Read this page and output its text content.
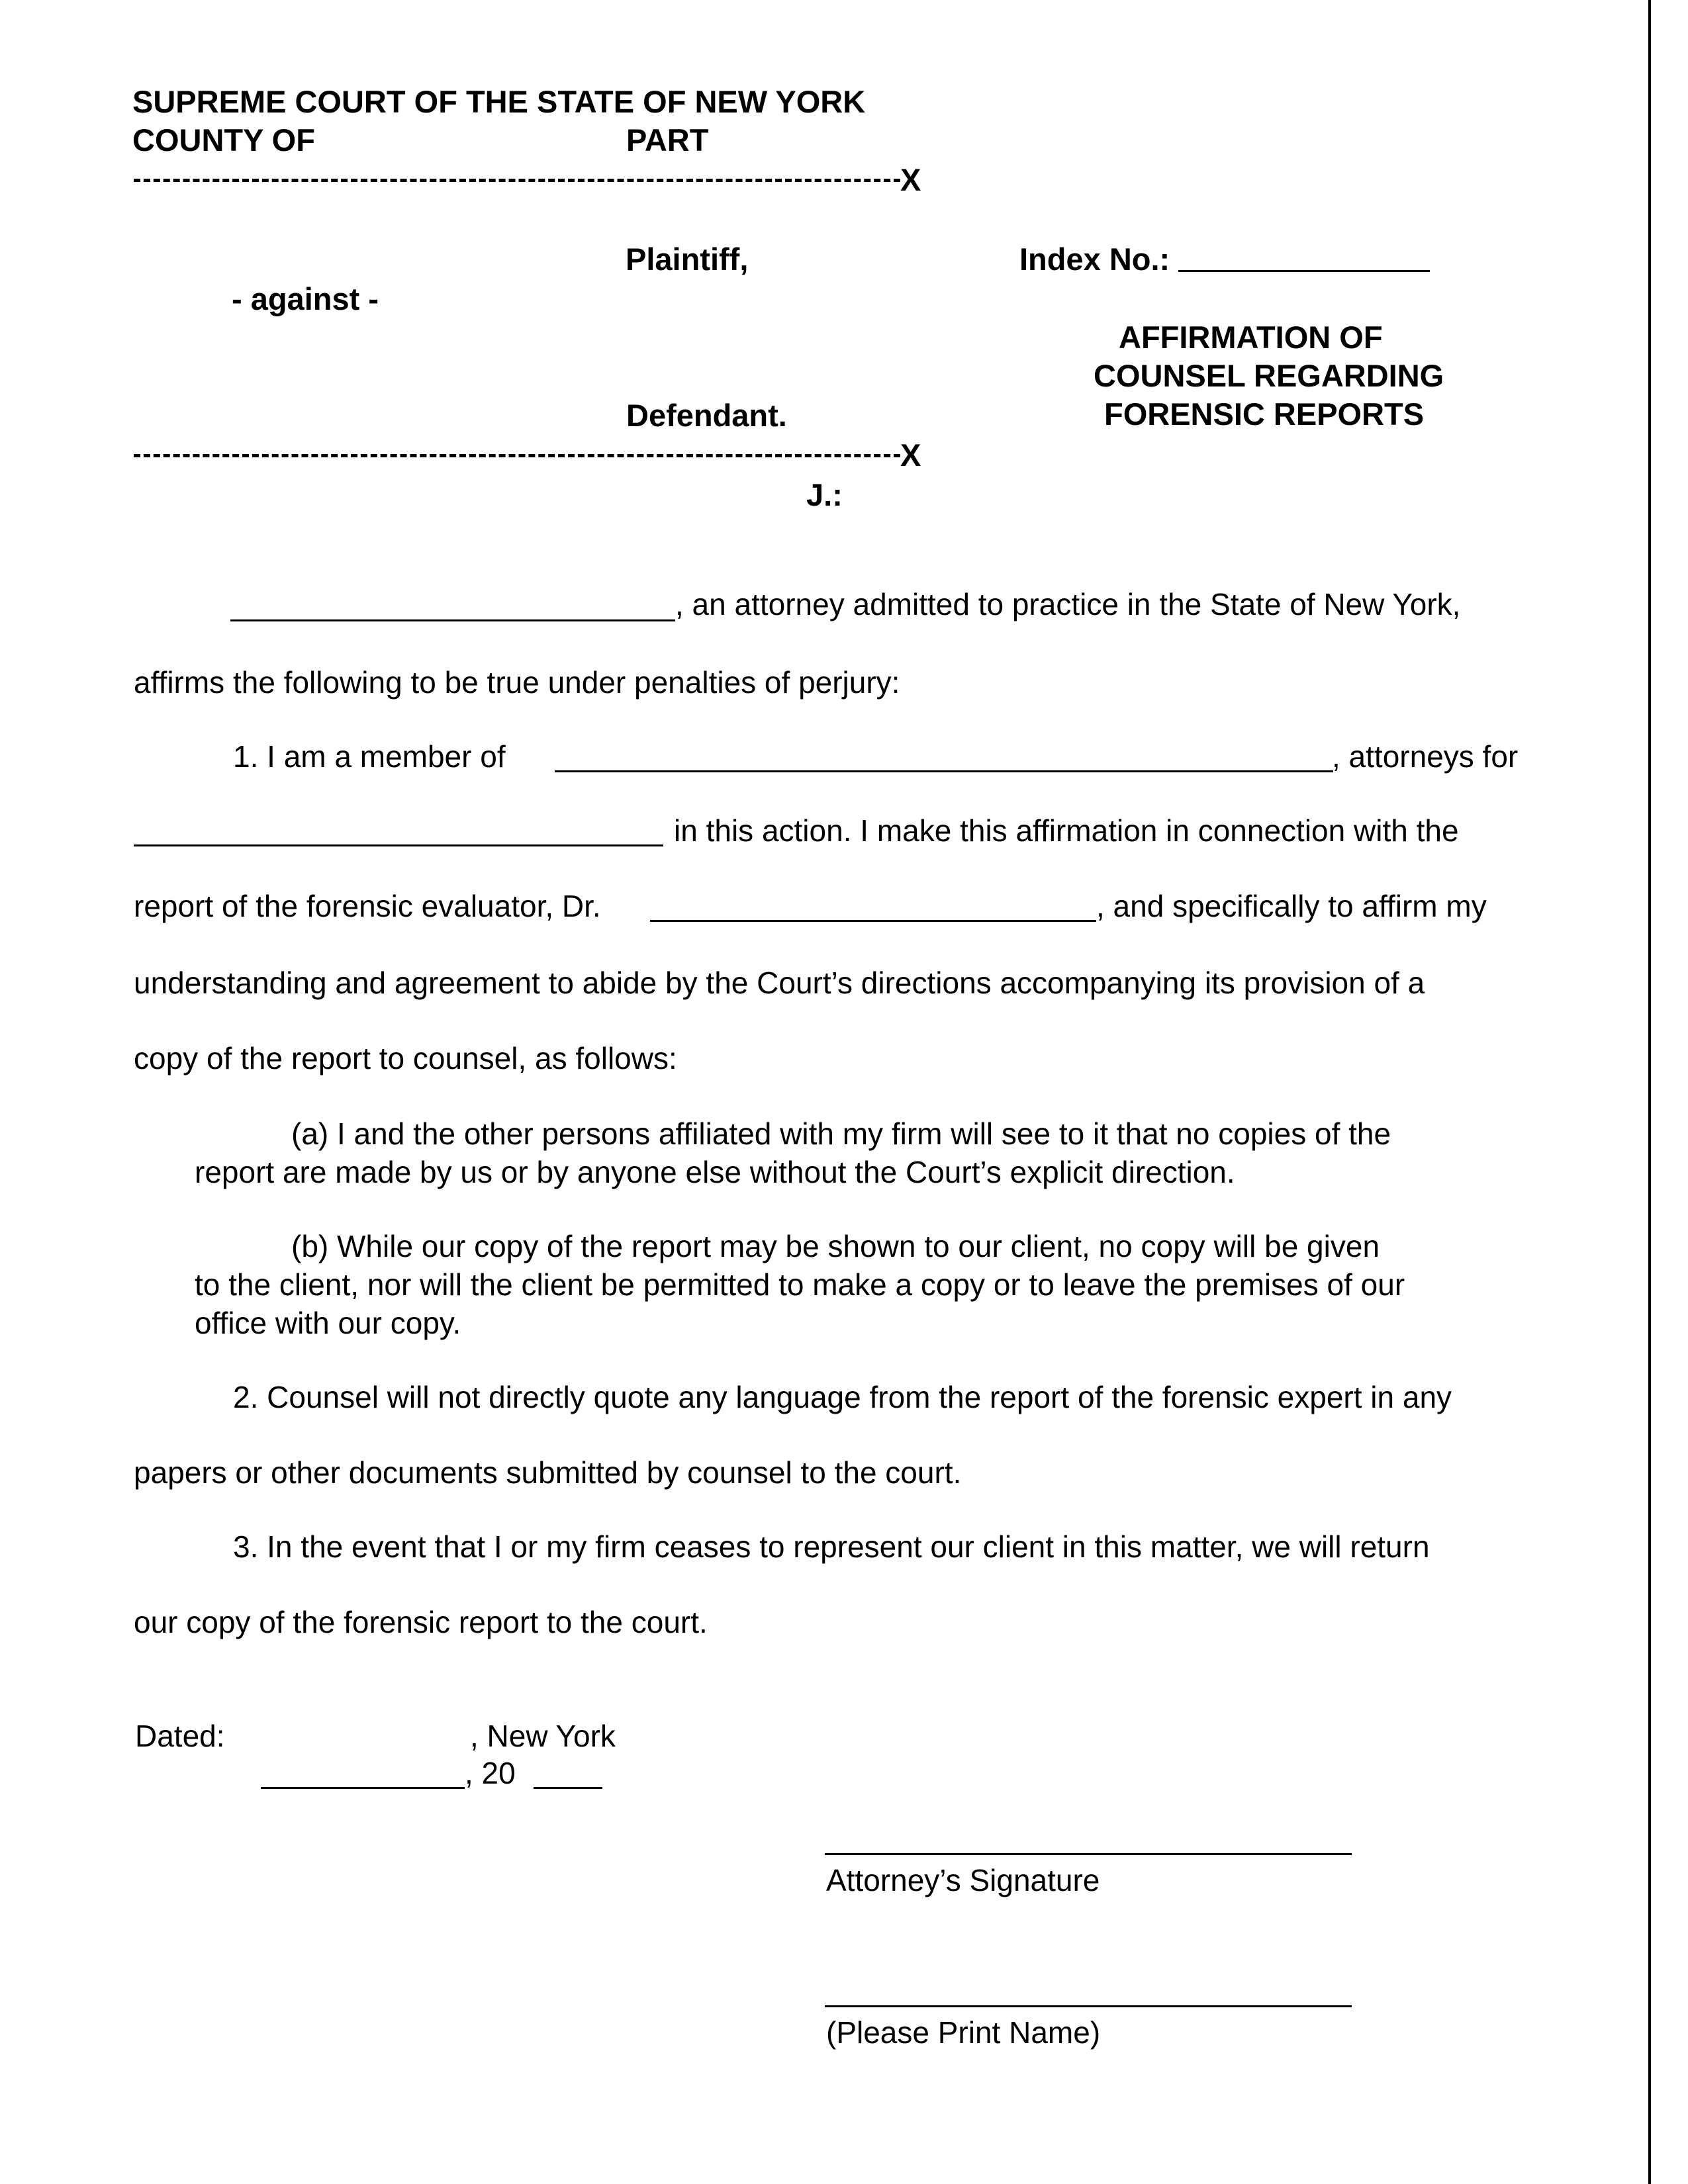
SUPREME COURT OF THE STATE OF NEW YORK
COUNTY OF	PART
X
Plaintiff,	Index No.:
- against -
AFFIRMATION OF
COUNSEL REGARDING
FORENSIC REPORTS
Defendant.
X
J.:
, an attorney admitted to practice in the State of New York,
affirms the following to be true under penalties of perjury:
1. I am a member of	, attorneys for
in this action. I make this affirmation in connection with the
report of the forensic evaluator, Dr.	, and specifically to affirm my
understanding and agreement to abide by the Court’s directions accompanying its provision of a
copy of the report to counsel, as follows:
(a) I and the other persons affiliated with my firm will see to it that no copies of the
report are made by us or by anyone else without the Court’s explicit direction.
(b) While our copy of the report may be shown to our client, no copy will be given
to the client, nor will the client be permitted to make a copy or to leave the premises of our
office with our copy.
2. Counsel will not directly quote any language from the report of the forensic expert in any
papers or other documents submitted by counsel to the court.
3. In the event that I or my firm ceases to represent our client in this matter, we will return
our copy of the forensic report to the court.
Dated:	, New York
, 20
Attorney’s Signature
(Please Print Name)
